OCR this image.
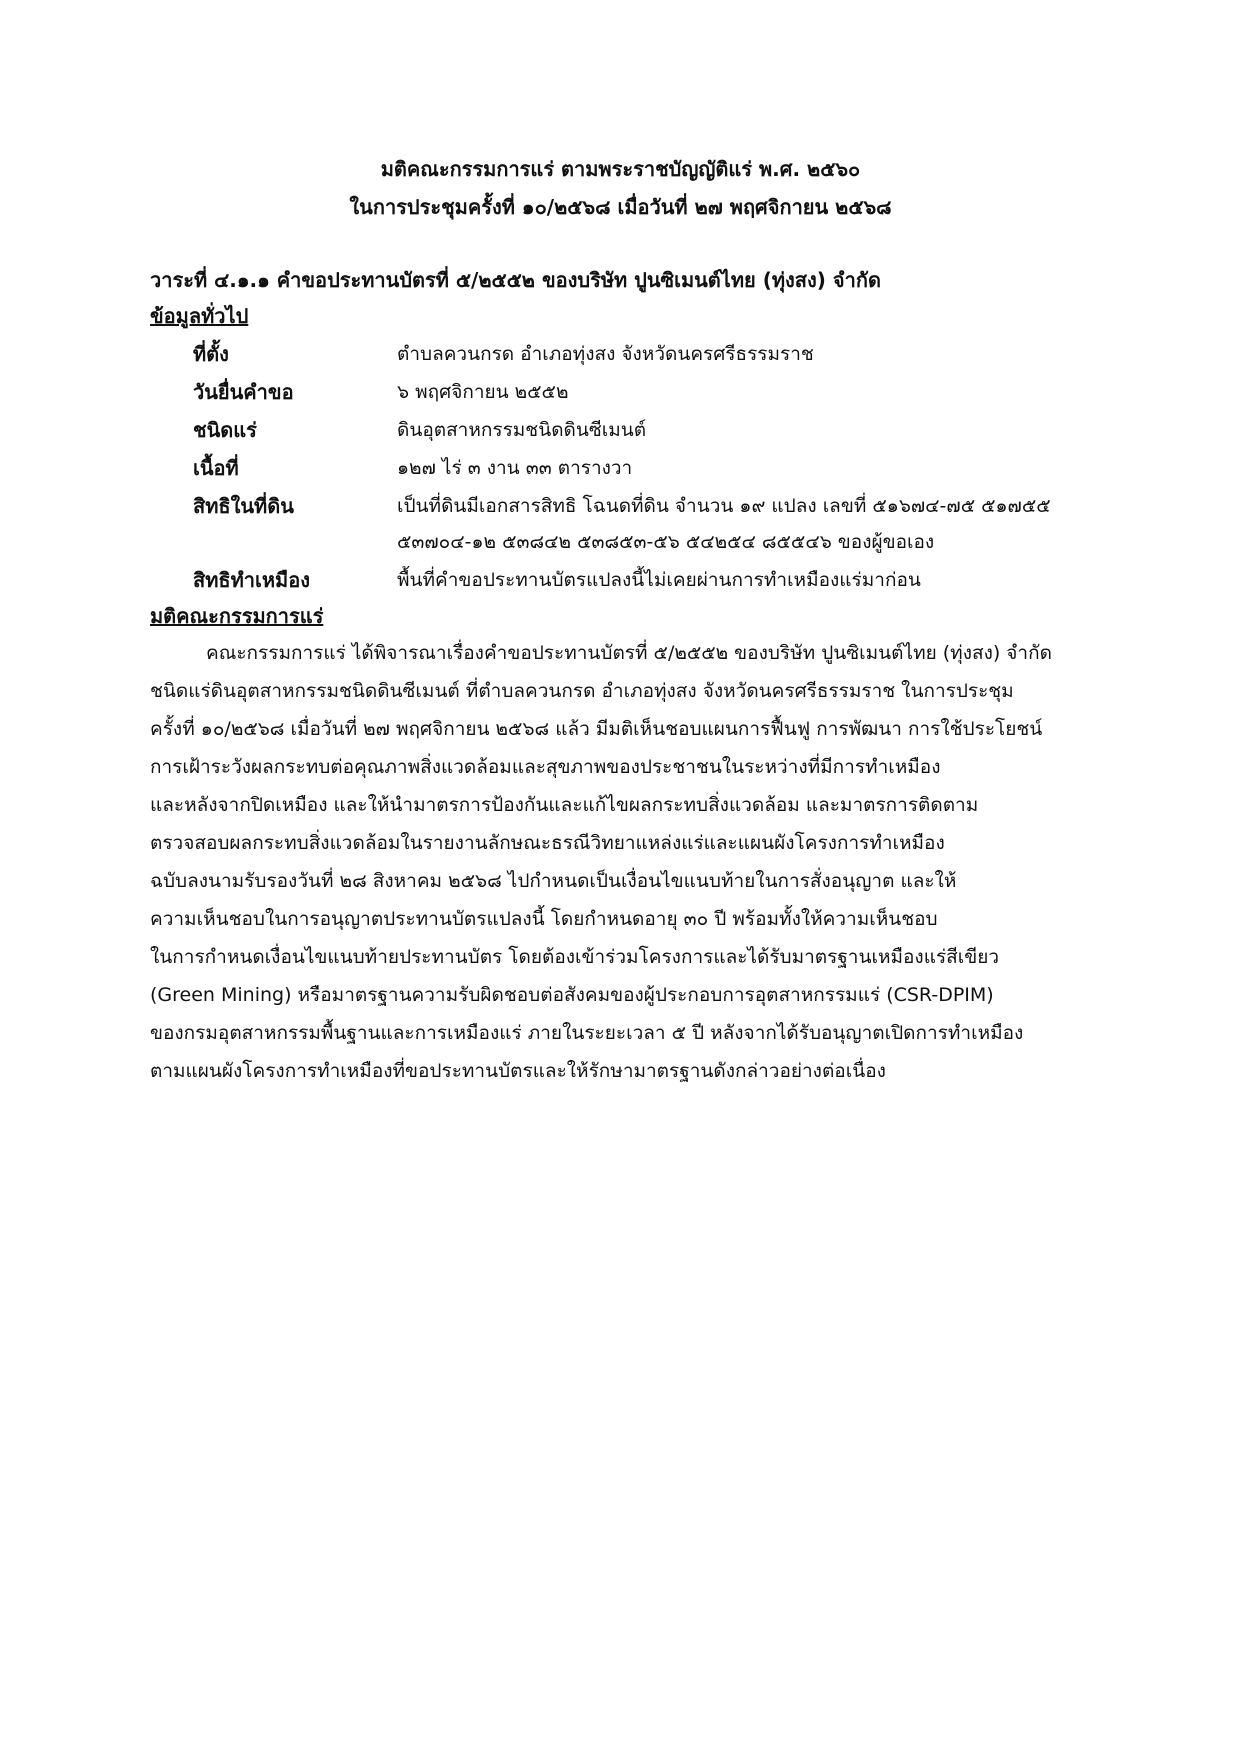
มติคณะกรรมการแร่ ตามพระราชบัญญัติแร่ พ.ศ. ๒๕๖๐
ในการประชุมครั้งที่ ๑๐/๒๕๖๘ เมื่อวันที่ ๒๗ พฤศจิกายน ๒๕๖๘
วาระที่ ๔.๑.๑ คำขอประทานบัตรที่ ๕/๒๕๕๒ ของบริษัท ปูนซิเมนต์ไทย (ทุ่งสง) จำกัด
ข้อมูลทั่วไป
ที่ตั้ง	ตำบลควนกรด อำเภอทุ่งสง จังหวัดนครศรีธรรมราช
วันยื่นคำขอ	๖ พฤศจิกายน ๒๕๕๒
ชนิดแร่	ดินอุตสาหกรรมชนิดดินซีเมนต์
เนื้อที่	๑๒๗ ไร่ ๓ งาน ๓๓ ตารางวา
สิทธิในที่ดิน	เป็นที่ดินมีเอกสารสิทธิ โฉนดที่ดิน จำนวน ๑๙ แปลง เลขที่ ๕๑๖๗๔-๗๕ ๕๑๗๕๕
๕๓๗๐๔-๑๒ ๕๓๘๔๒ ๕๓๘๕๓-๕๖ ๕๔๒๕๔ ๘๕๕๔๖ ของผู้ขอเอง
สิทธิทำเหมือง	พื้นที่คำขอประทานบัตรแปลงนี้ไม่เคยผ่านการทำเหมืองแร่มาก่อน
มติคณะกรรมการแร่
คณะกรรมการแร่ ได้พิจารณาเรื่องคำขอประทานบัตรที่ ๕/๒๕๕๒ ของบริษัท ปูนซิเมนต์ไทย (ทุ่งสง) จำกัด
ชนิดแร่ดินอุตสาหกรรมชนิดดินซีเมนต์ ที่ตำบลควนกรด อำเภอทุ่งสง จังหวัดนครศรีธรรมราช ในการประชุม
ครั้งที่ ๑๐/๒๕๖๘ เมื่อวันที่ ๒๗ พฤศจิกายน ๒๕๖๘ แล้ว มีมติเห็นชอบแผนการฟื้นฟู การพัฒนา การใช้ประโยชน์
การเฝ้าระวังผลกระทบต่อคุณภาพสิ่งแวดล้อมและสุขภาพของประชาชนในระหว่างที่มีการทำเหมือง
และหลังจากปิดเหมือง และให้นำมาตรการป้องกันและแก้ไขผลกระทบสิ่งแวดล้อม และมาตรการติดตาม
ตรวจสอบผลกระทบสิ่งแวดล้อมในรายงานลักษณะธรณีวิทยาแหล่งแร่และแผนผังโครงการทำเหมือง
ฉบับลงนามรับรองวันที่ ๒๘ สิงหาคม ๒๕๖๘ ไปกำหนดเป็นเงื่อนไขแนบท้ายในการสั่งอนุญาต และให้
ความเห็นชอบในการอนุญาตประทานบัตรแปลงนี้ โดยกำหนดอายุ ๓๐ ปี พร้อมทั้งให้ความเห็นชอบ
ในการกำหนดเงื่อนไขแนบท้ายประทานบัตร โดยต้องเข้าร่วมโครงการและได้รับมาตรฐานเหมืองแร่สีเขียว
(Green Mining) หรือมาตรฐานความรับผิดชอบต่อสังคมของผู้ประกอบการอุตสาหกรรมแร่ (CSR-DPIM)
ของกรมอุตสาหกรรมพื้นฐานและการเหมืองแร่ ภายในระยะเวลา ๕ ปี หลังจากได้รับอนุญาตเปิดการทำเหมือง
ตามแผนผังโครงการทำเหมืองที่ขอประทานบัตรและให้รักษามาตรฐานดังกล่าวอย่างต่อเนื่อง
